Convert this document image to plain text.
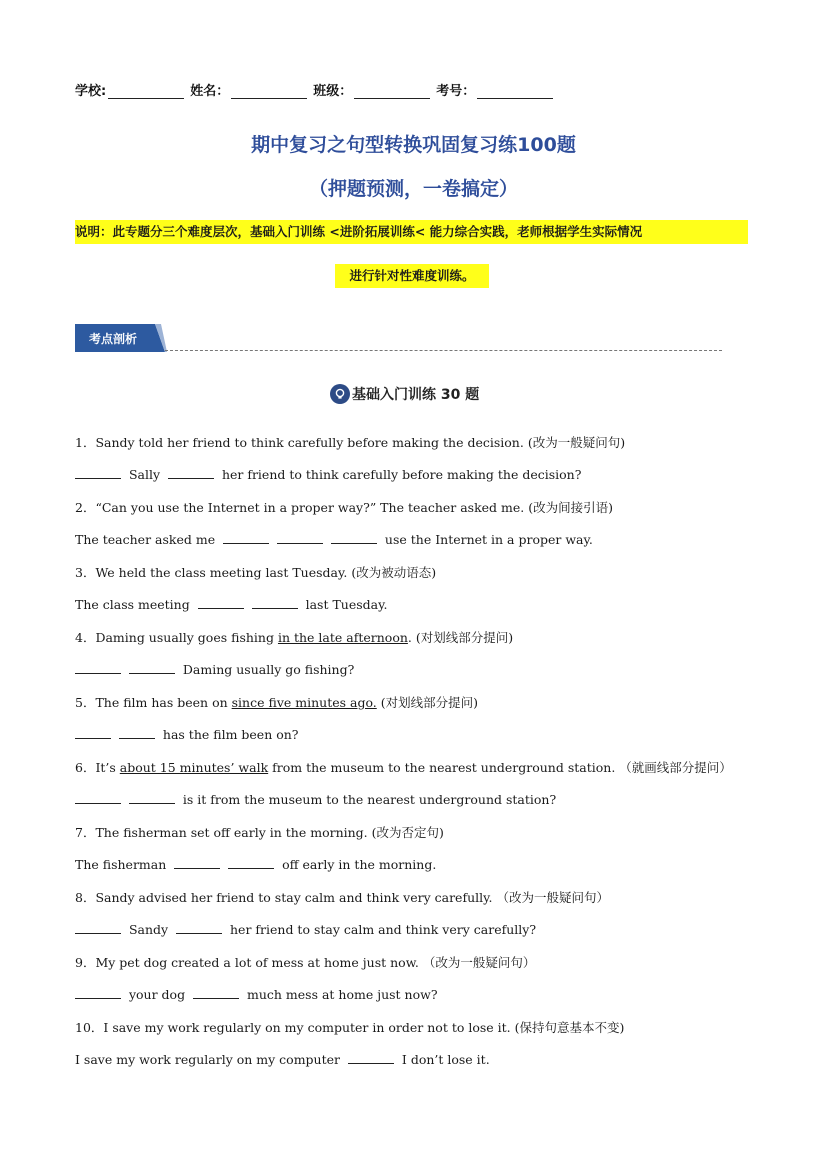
学校:	姓名：	班级：	考号：
期中复习之句型转换巩固复习练100题
（押题预测，一卷搞定）
说明：此专题分三个难度层次，基础入门训练 <进阶拓展训练< 能力综合实践，老师根据学生实际情况
进行针对性难度训练。
考点剖析
基础入门训练 30 题
1．Sandy told her friend to think carefully before making the decision. (改为一般疑问句)
Sally	her friend to think carefully before making the decision?
2．“Can you use the Internet in a proper way?” The teacher asked me. (改为间接引语)
The teacher asked me	use the Internet in a proper way.
3．We held the class meeting last Tuesday. (改为被动语态)
The class meeting	last Tuesday.
4．Daming usually goes fishing in the late afternoon. (对划线部分提问)
Daming usually go fishing?
5．The film has been on since five minutes ago. (对划线部分提问)
has the film been on?
6．It’s about 15 minutes’ walk from the museum to the nearest underground station. （就画线部分提问）
is it from the museum to the nearest underground station?
7．The fisherman set off early in the morning. (改为否定句)
The fisherman	off early in the morning.
8．Sandy advised her friend to stay calm and think very carefully. （改为一般疑问句）
Sandy	her friend to stay calm and think very carefully?
9．My pet dog created a lot of mess at home just now. （改为一般疑问句）
your dog	much mess at home just now?
10．I save my work regularly on my computer in order not to lose it. (保持句意基本不变)
I save my work regularly on my computer	I don’t lose it.
